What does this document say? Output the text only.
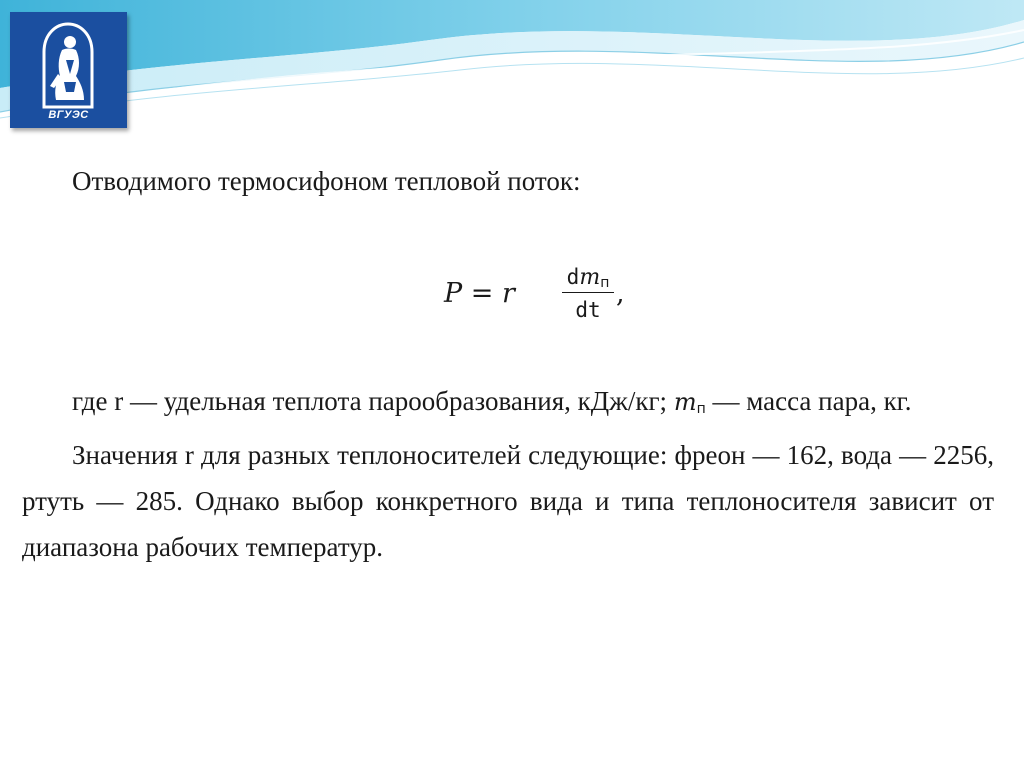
ВГУЭС

Отводимого термосифоном тепловой поток:

P = r
$dm_п$
dt
,

где r — удельная теплота парообразования, кДж/кг; $m_п$ — масса пара, кг.

Значения r для разных теплоносителей следующие: фреон — 162, вода — 2256, ртуть — 285. Однако выбор конкретного вида и типа теплоносителя зависит от диапазона рабочих температур.
